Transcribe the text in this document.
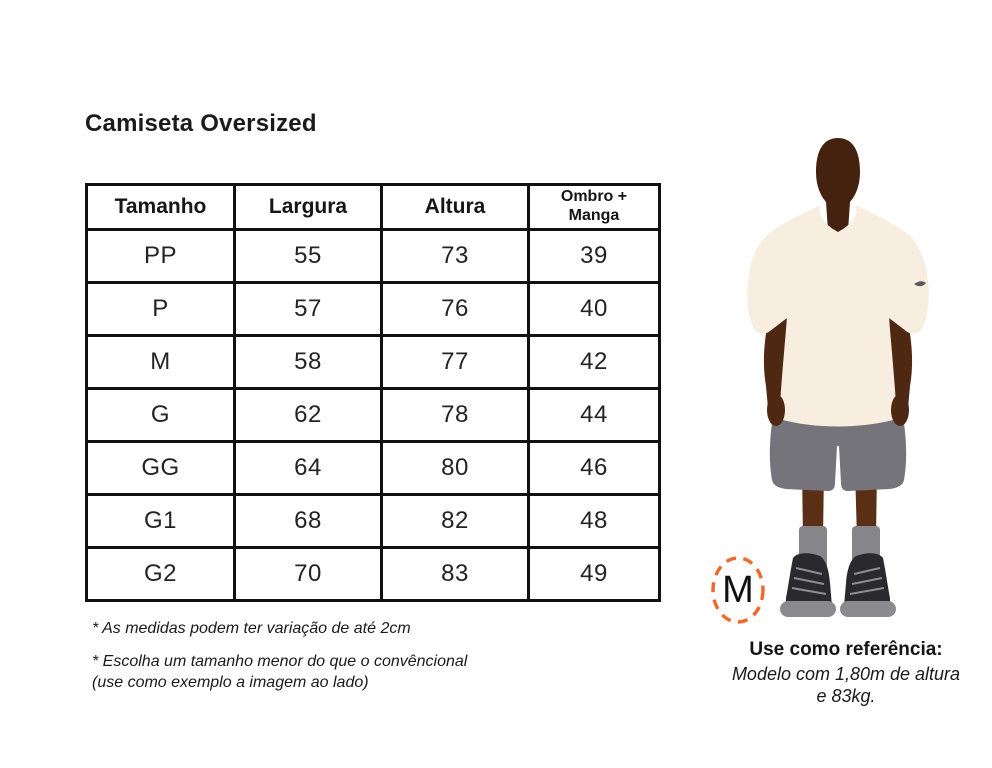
Camiseta Oversized
Tamanho	Largura	Altura	Ombro + Manga
PP	55	73	39
P	57	76	40
M	58	77	42
G	62	78	44
GG	64	80	46
G1	68	82	48
G2	70	83	49
* As medidas podem ter variação de até 2cm
* Escolha um tamanho menor do que o convêncional
(use como exemplo a imagem ao lado)
M
Use como referência:
Modelo com 1,80m de altura
e 83kg.
